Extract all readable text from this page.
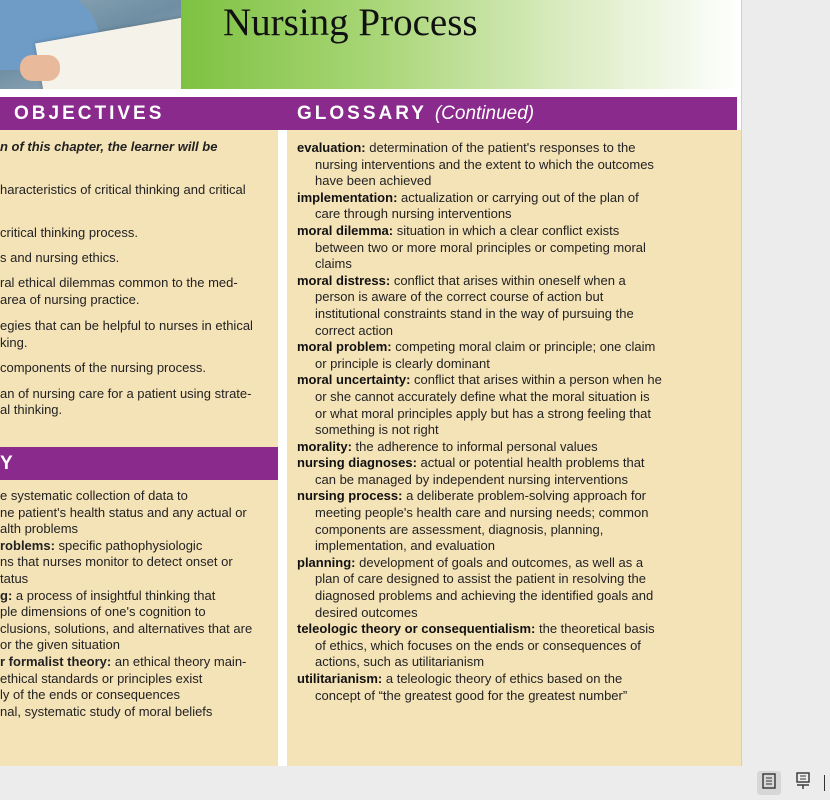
Nursing Process
OBJECTIVES
n of this chapter, the learner will be
haracteristics of critical thinking and critical
critical thinking process.
s and nursing ethics.
ral ethical dilemmas common to the med-
area of nursing practice.
egies that can be helpful to nurses in ethical
king.
components of the nursing process.
an of nursing care for a patient using strate-
al thinking.
Y
e systematic collection of data to
ne patient's health status and any actual or
alth problems
roblems: specific pathophysiologic
ns that nurses monitor to detect onset or
tatus
g: a process of insightful thinking that
ple dimensions of one's cognition to
clusions, solutions, and alternatives that are
or the given situation
r formalist theory: an ethical theory main-
ethical standards or principles exist
ly of the ends or consequences
nal, systematic study of moral beliefs
GLOSSARY (Continued)
evaluation: determination of the patient's responses to the nursing interventions and the extent to which the outcomes have been achieved
implementation: actualization or carrying out of the plan of care through nursing interventions
moral dilemma: situation in which a clear conflict exists between two or more moral principles or competing moral claims
moral distress: conflict that arises within oneself when a person is aware of the correct course of action but institutional constraints stand in the way of pursuing the correct action
moral problem: competing moral claim or principle; one claim or principle is clearly dominant
moral uncertainty: conflict that arises within a person when he or she cannot accurately define what the moral situation is or what moral principles apply but has a strong feeling that something is not right
morality: the adherence to informal personal values
nursing diagnoses: actual or potential health problems that can be managed by independent nursing interventions
nursing process: a deliberate problem-solving approach for meeting people's health care and nursing needs; common components are assessment, diagnosis, planning, implementation, and evaluation
planning: development of goals and outcomes, as well as a plan of care designed to assist the patient in resolving the diagnosed problems and achieving the identified goals and desired outcomes
teleologic theory or consequentialism: the theoretical basis of ethics, which focuses on the ends or consequences of actions, such as utilitarianism
utilitarianism: a teleologic theory of ethics based on the concept of “the greatest good for the greatest number”
